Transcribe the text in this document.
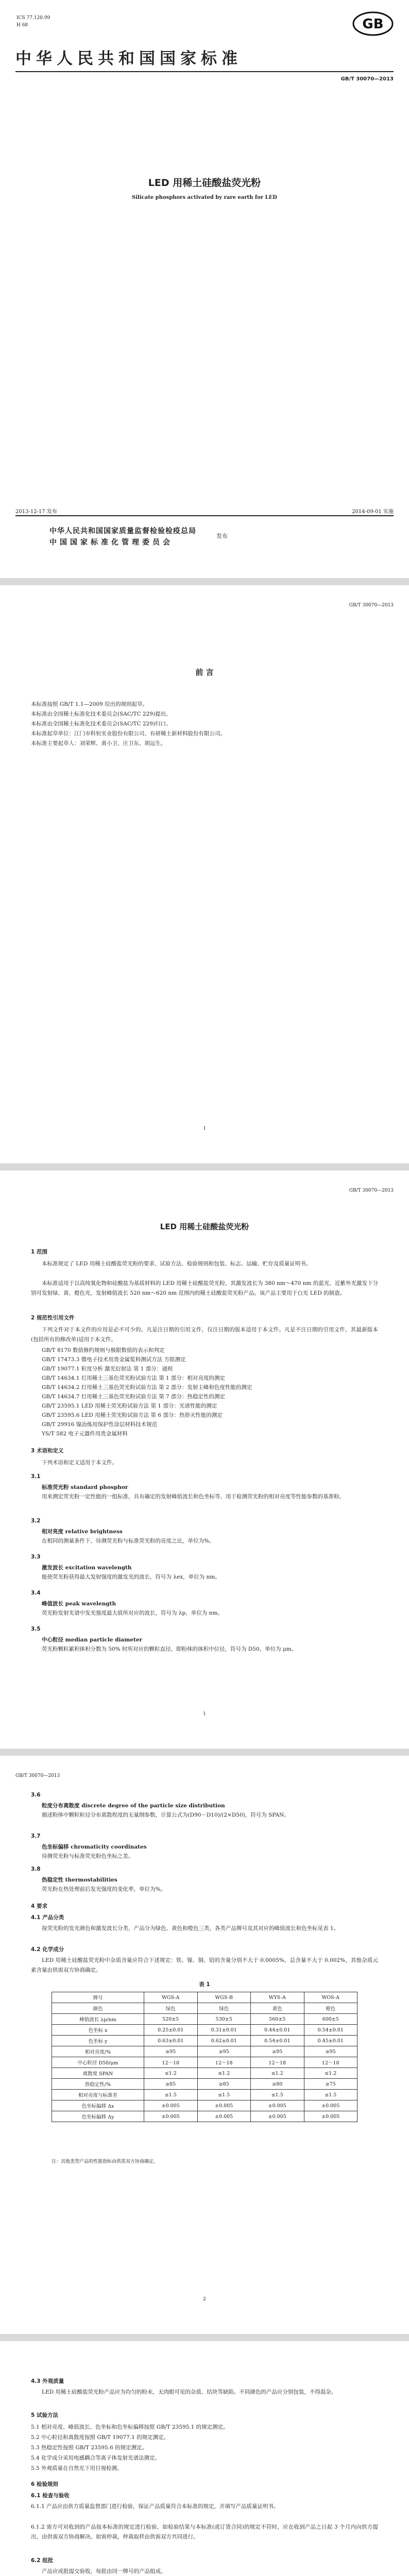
ICS 77.120.99
H 68	GB
中华人民共和国国家标准
GB/T 30070—2013
LED 用稀土硅酸盐荧光粉
Silicate phosphors activated by rare earth for LED
2013-12-17 发布	2014-09-01 实施
中华人民共和国国家质量监督检验检疫总局
中国国家标准化管理委员会
发布
GB/T 30070—2013
前 言
本标准按照 GB/T 1.1—2009 给出的规则起草。
本标准由全国稀土标准化技术委员会(SAC/TC 229)提出。
本标准由全国稀土标准化技术委员会(SAC/TC 229)归口。
本标准起草单位：江门市科恒实业股份有限公司、有研稀土新材料股份有限公司。
本标准主要起草人：刘荣辉、黄小卫、庄卫东、胡运生。
I
GB/T 30070—2013
LED 用稀土硅酸盐荧光粉
1 范围
本标准规定了 LED 用稀土硅酸盐荧光粉的要求、试验方法、检验规则和包装、标志、运输、贮存及质量证明书。
本标准适用于以高纯氧化物和硅酸盐为基质材料的 LED 用稀土硅酸盐荧光粉，其激发波长为 380 nm～470 nm 的蓝光、近紫外光激发下分别可发射绿、黄、橙色光，发射峰值波长 520 nm～620 nm 范围内的稀土硅酸盐荧光粉产品。该产品主要用于白光 LED 的制造。
2 规范性引用文件
下列文件对于本文件的应用是必不可少的。凡是注日期的引用文件，仅注日期的版本适用于本文件。凡是不注日期的引用文件，其最新版本(包括所有的修改单)适用于本文件。
GB/T 8170 数值修约规则与极限数值的表示和判定
GB/T 17473.3 微电子技术用贵金属浆料测试方法 方阻测定
GB/T 19077.1 粒度分析 激光衍射法 第 1 部分：通则
GB/T 14634.1 灯用稀土三基色荧光粉试验方法 第 1 部分：相对亮度的测定
GB/T 14634.2 灯用稀土三基色荧光粉试验方法 第 2 部分：发射主峰和色度性能的测定
GB/T 14634.7 灯用稀土三基色荧光粉试验方法 第 7 部分：热稳定性的测定
GB/T 23595.1 LED 用稀土荧光粉试验方法 第 1 部分：光谱性能的测定
GB/T 23595.6 LED 用稀土荧光粉试验方法 第 6 部分：热猝灭性能的测定
GB/T 29916 镍冶炼用保护性涂层材料技术规范
YS/T 582 电子元器件用贵金属材料
3 术语和定义
下列术语和定义适用于本文件。
3.1
标准荧光粉 standard phosphor
用来测定荧光粉一定性能的一组标准，具有确定的发射峰值波长和色坐标等，用于检测荧光粉的相对亮度等性能参数的基准粉。
3.2
相对亮度 relative brightness
在相同的测量条件下，待测荧光粉与标准荧光粉的亮度之比，单位为%。
3.3
激发波长 excitation wavelength
能使荧光粉获得最大发射强度的激发光的波长，符号为 λex，单位为 nm。
3.4
峰值波长 peak wavelength
荧光粉发射光谱中发光强度最大值所对应的波长，符号为 λp，单位为 nm。
3.5
中心粒径 median particle diameter
荧光粉颗粒累积体积分数为 50% 时所对应的颗粒直径，即粉体的体积中位径，符号为 D50，单位为 μm。
1
GB/T 30070—2013
3.6
粒度分布离散度 discrete degree of the particle size distribution
描述粉体中颗粒粒径分布离散程度的无量纲参数，计算公式为(D90－D10)/(2×D50)，符号为 SPAN。
3.7
色坐标偏移 chromaticity coordinates
待测荧光粉与标准荧光粉色坐标之差。
3.8
热稳定性 thermostabilities
荧光粉在热处理前后发光强度的变化率，单位为%。
4 要求
4.1 产品分类
按荧光粉的发光颜色和激发波长分类，产品分为绿色、黄色和橙色三类，各类产品牌号及其对应的峰值波长和色坐标见表 1。
4.2 化学成分
LED 用稀土硅酸盐荧光粉中杂质含量应符合下述规定：铁、镍、铜、铅的含量分别不大于 0.0005%，总含量不大于 0.002%，其他杂质元素含量由供需双方协商确定。
表 1
牌号	WGS-A	WGS-B	WYS-A	WOS-A
颜色	绿色	绿色	黄色	橙色
峰值波长 λp/nm	520±5	530±5	560±5	600±5
色坐标 x	0.25±0.01	0.31±0.01	0.44±0.01	0.54±0.01
色坐标 y	0.63±0.01	0.62±0.01	0.54±0.01	0.45±0.01
相对亮度/%	≥95	≥95	≥95	≥95
中心粒径 D50/μm	12～18	12～18	12～18	12～18
离散度 SPAN	≤1.2	≤1.2	≤1.2	≤1.2
热稳定性/%	≥85	≥85	≥80	≥75
相对亮度与标准差	≤1.5	≤1.5	≤1.5	≤1.5
色坐标偏移 Δx	±0.005	±0.005	±0.005	±0.005
色坐标偏移 Δy	±0.005	±0.005	±0.005	±0.005
注：其他类型产品的性能指标由供需双方协商确定。
2
4.3 外观质量
LED 用稀土硅酸盐荧光粉产品应为均匀的粉末，无肉眼可见的杂质、结块等缺陷。不同颜色的产品应分别包装，不得混杂。
5 试验方法
5.1 相对亮度、峰值波长、色坐标和色坐标偏移按照 GB/T 23595.1 的规定测定。
5.2 中心粒径和离散度按照 GB/T 19077.1 的规定测定。
5.3 热稳定性按照 GB/T 23595.6 的规定测定。
5.4 化学成分采用电感耦合等离子体发射光谱法测定。
5.5 外观质量在自然光下用目视检测。
6 检验规则
6.1 检查与验收
6.1.1 产品应由供方质量监督部门进行检验，保证产品质量符合本标准的规定，并填写产品质量证明书。
6.1.2 需方可对收到的产品按本标准的规定进行检验，如检验结果与本标准(或订货合同)的规定不符时，应在收到产品之日起 3 个月内向供方提出，由供需双方协商解决。如需仲裁，仲裁取样由供需双方共同进行。
6.2 组批
产品应成批提交验收，每批由同一牌号的产品组成。
